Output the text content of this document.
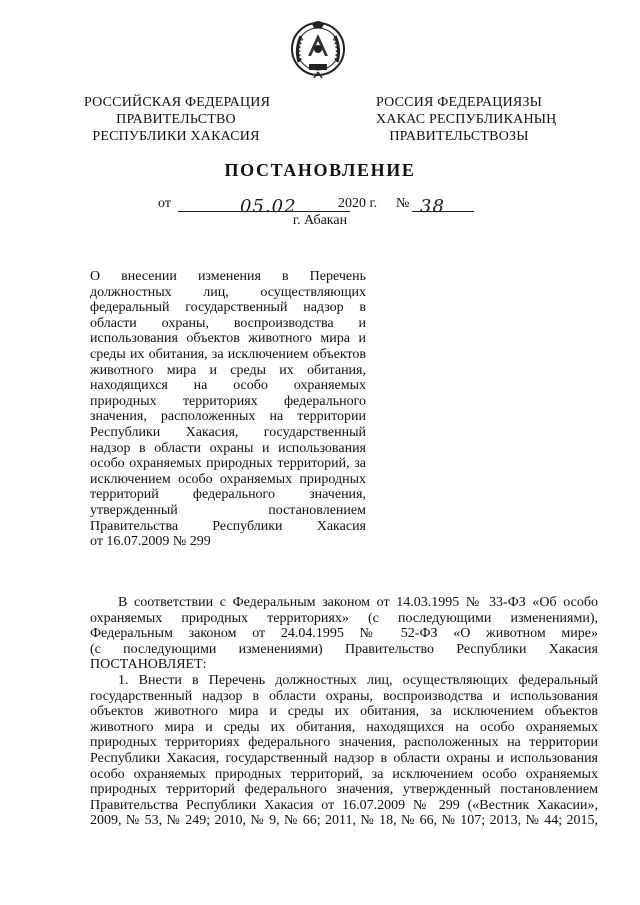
РОССИЙСКАЯ ФЕДЕРАЦИЯ
ПРАВИТЕЛЬСТВО
РЕСПУБЛИКИ ХАКАСИЯ
РОССИЯ ФЕДЕРАЦИЯЗЫ
ХАКАС РЕСПУБЛИКАНЫҢ
ПРАВИТЕЛЬСТВОЗЫ
ПОСТАНОВЛЕНИЕ
от	05.02	2020 г. № 38
г. Абакан
О внесении изменения в Перечень
должностных лиц, осуществляющих
федеральный государственный надзор в
области охраны, воспроизводства и
использования объектов животного мира и
среды их обитания, за исключением объектов
животного мира и среды их обитания,
находящихся на особо охраняемых
природных территориях федерального
значения, расположенных на территории
Республики Хакасия, государственный
надзор в области охраны и использования
особо охраняемых природных территорий, за
исключением особо охраняемых природных
территорий федерального значения,
утвержденный постановлением
Правительства Республики Хакасия
от 16.07.2009 № 299
В соответствии с Федеральным законом от 14.03.1995 № 33-ФЗ «Об особо
охраняемых природных территориях» (с последующими изменениями),
Федеральным законом от 24.04.1995 № 52-ФЗ «О животном мире»
(с последующими изменениями) Правительство Республики Хакасия
ПОСТАНОВЛЯЕТ:
1. Внести в Перечень должностных лиц, осуществляющих федеральный
государственный надзор в области охраны, воспроизводства и использования
объектов животного мира и среды их обитания, за исключением объектов
животного мира и среды их обитания, находящихся на особо охраняемых
природных территориях федерального значения, расположенных на территории
Республики Хакасия, государственный надзор в области охраны и использования
особо охраняемых природных территорий, за исключением особо охраняемых
природных территорий федерального значения, утвержденный постановлением
Правительства Республики Хакасия от 16.07.2009 № 299 («Вестник Хакасии»,
2009, № 53, № 249; 2010, № 9, № 66; 2011, № 18, № 66, № 107; 2013, № 44; 2015,
